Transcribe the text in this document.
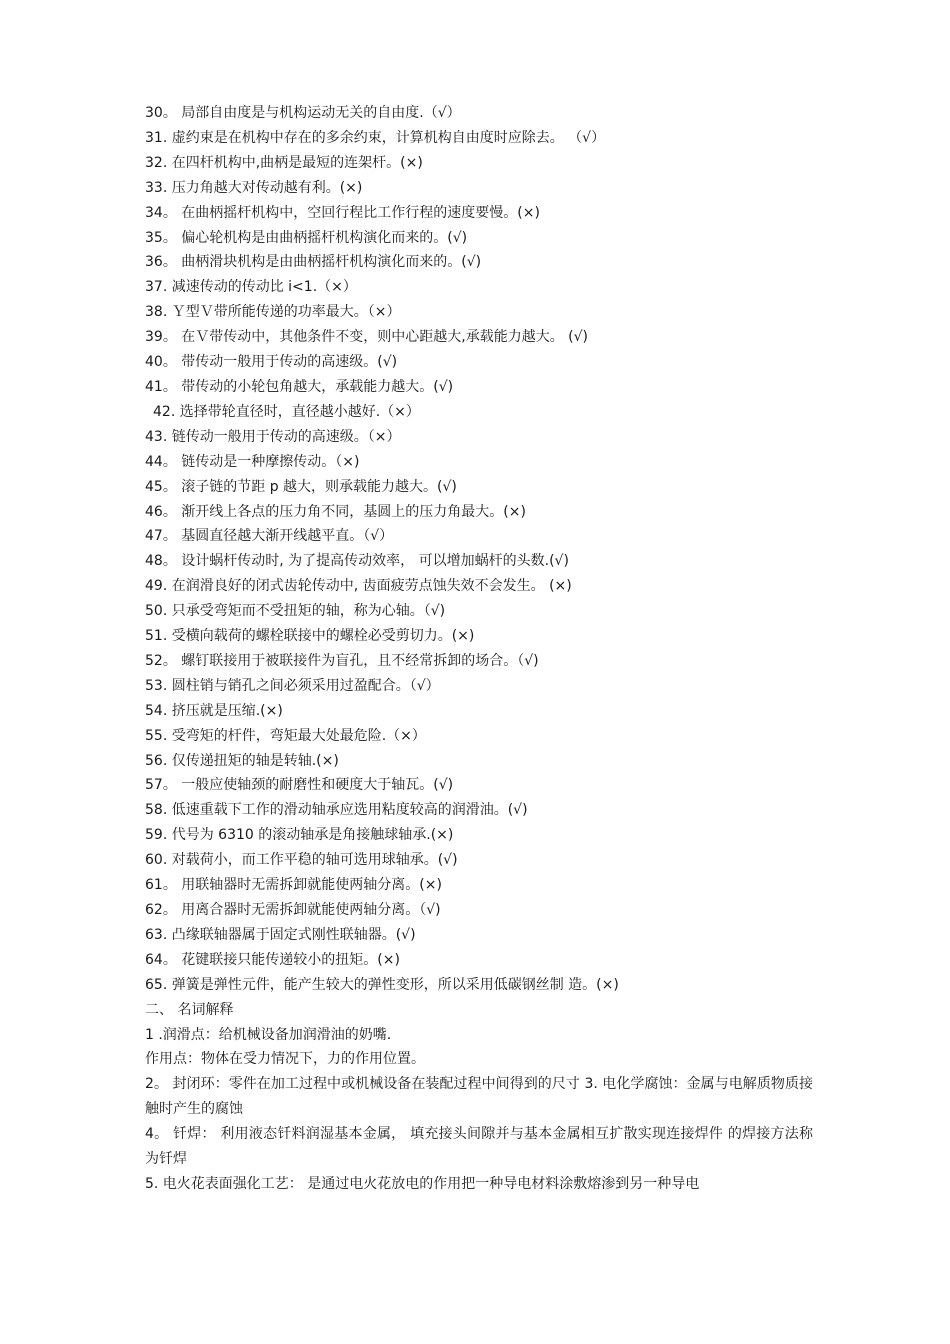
30。 局部自由度是与机构运动无关的自由度.（√）

31. 虚约束是在机构中存在的多余约束，计算机构自由度时应除去。 （√）

32. 在四杆机构中,曲柄是最短的连架杆。(×)

33. 压力角越大对传动越有利。(×)

34。 在曲柄摇杆机构中，空回行程比工作行程的速度要慢。(×)

35。 偏心轮机构是由曲柄摇杆机构演化而来的。(√)

36。 曲柄滑块机构是由曲柄摇杆机构演化而来的。(√)

37. 减速传动的传动比 i<1.（×）

38. Ｙ型Ｖ带所能传递的功率最大。（×）

39。 在Ｖ带传动中，其他条件不变，则中心距越大,承载能力越大。 (√)

40。 带传动一般用于传动的高速级。(√)

41。 带传动的小轮包角越大，承载能力越大。(√)

42. 选择带轮直径时，直径越小越好.（×）

43. 链传动一般用于传动的高速级。（×）

44。 链传动是一种摩擦传动。（×)

45。 滚子链的节距 p 越大，则承载能力越大。(√)

46。 渐开线上各点的压力角不同，基圆上的压力角最大。(×)

47。 基圆直径越大渐开线越平直。（√）

48。 设计蜗杆传动时, 为了提高传动效率， 可以增加蜗杆的头数.(√)

49. 在润滑良好的闭式齿轮传动中, 齿面疲劳点蚀失效不会发生。 (×)

50. 只承受弯矩而不受扭矩的轴，称为心轴。（√)

51. 受横向载荷的螺栓联接中的螺栓必受剪切力。(×)

52。 螺钉联接用于被联接件为盲孔，且不经常拆卸的场合。（√)

53. 圆柱销与销孔之间必须采用过盈配合。（√）

54. 挤压就是压缩.(×)

55. 受弯矩的杆件，弯矩最大处最危险.（×）

56. 仅传递扭矩的轴是转轴.(×)

57。 一般应使轴颈的耐磨性和硬度大于轴瓦。(√)

58. 低速重载下工作的滑动轴承应选用粘度较高的润滑油。(√)

59. 代号为 6310 的滚动轴承是角接触球轴承.(×)

60. 对载荷小，而工作平稳的轴可选用球轴承。(√)

61。 用联轴器时无需拆卸就能使两轴分离。(×)

62。 用离合器时无需拆卸就能使两轴分离。（√)

63. 凸缘联轴器属于固定式刚性联轴器。(√)

64。 花键联接只能传递较小的扭矩。(×)

65. 弹簧是弹性元件，能产生较大的弹性变形，所以采用低碳钢丝制 造。(×)

二、 名词解释

1 .润滑点：给机械设备加润滑油的奶嘴.

作用点：物体在受力情况下，力的作用位置。

2。 封闭环：零件在加工过程中或机械设备在装配过程中间得到的尺寸 3. 电化学腐蚀：金属与电解质物质接触时产生的腐蚀

4。 钎焊： 利用液态钎料润湿基本金属， 填充接头间隙并与基本金属相互扩散实现连接焊件 的焊接方法称为钎焊

5. 电火花表面强化工艺： 是通过电火花放电的作用把一种导电材料涂敷熔渗到另一种导电
